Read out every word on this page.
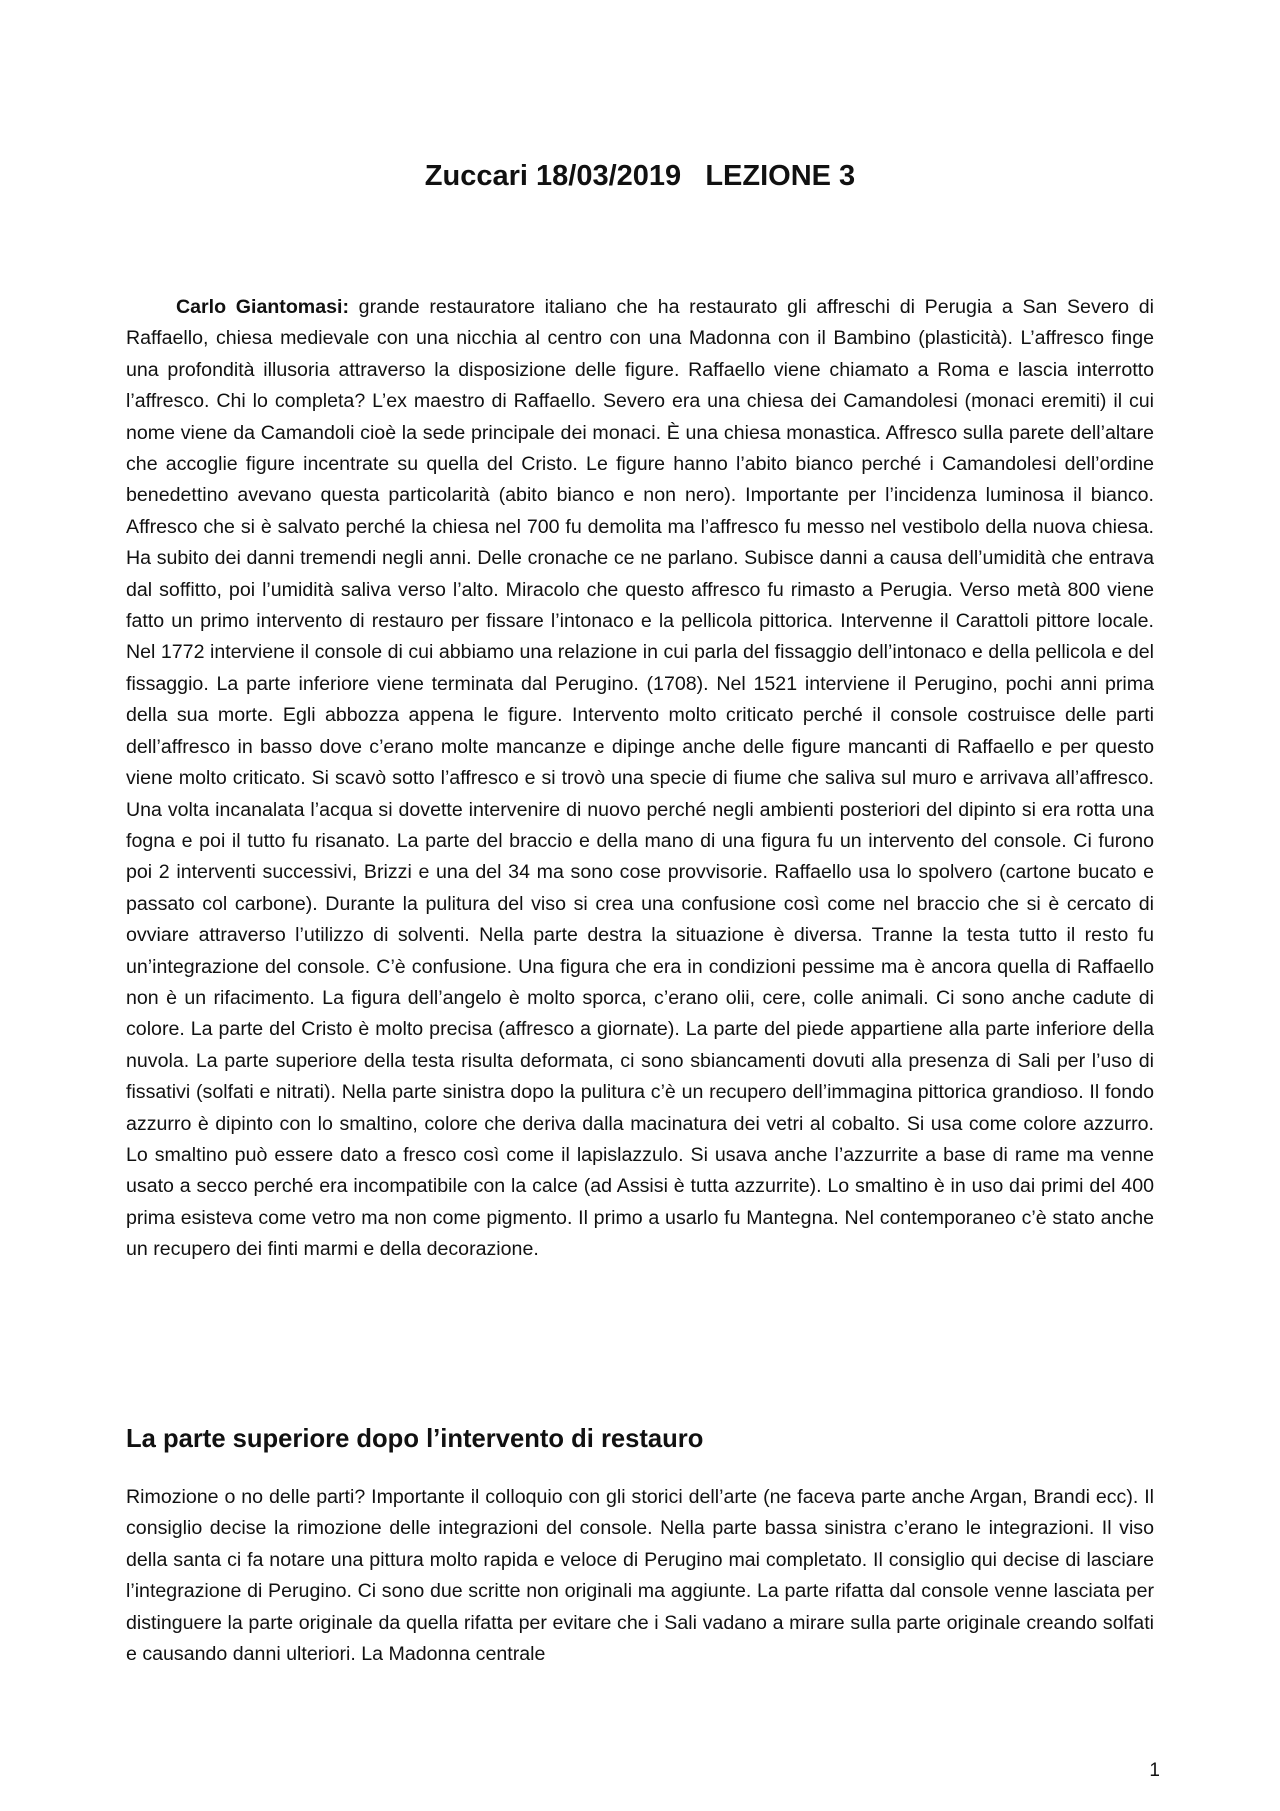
Zuccari 18/03/2019   LEZIONE 3

Carlo Giantomasi: grande restauratore italiano che ha restaurato gli affreschi di Perugia a San Severo di Raffaello, chiesa medievale con una nicchia al centro con una Madonna con il Bambino (plasticità). L’affresco finge una profondità illusoria attraverso la disposizione delle figure. Raffaello viene chiamato a Roma e lascia interrotto l’affresco. Chi lo completa? L’ex maestro di Raffaello. Severo era una chiesa dei Camandolesi (monaci eremiti) il cui nome viene da Camandoli cioè la sede principale dei monaci. È una chiesa monastica. Affresco sulla parete dell’altare che accoglie figure incentrate su quella del Cristo. Le figure hanno l’abito bianco perché i Camandolesi dell’ordine benedettino avevano questa particolarità (abito bianco e non nero). Importante per l’incidenza luminosa il bianco. Affresco che si è salvato perché la chiesa nel 700 fu demolita ma l’affresco fu messo nel vestibolo della nuova chiesa. Ha subito dei danni tremendi negli anni. Delle cronache ce ne parlano. Subisce danni a causa dell’umidità che entrava dal soffitto, poi l’umidità saliva verso l’alto. Miracolo che questo affresco fu rimasto a Perugia. Verso metà 800 viene fatto un primo intervento di restauro per fissare l’intonaco e la pellicola pittorica. Intervenne il Carattoli pittore locale. Nel 1772 interviene il console di cui abbiamo una relazione in cui parla del fissaggio dell’intonaco e della pellicola e del fissaggio. La parte inferiore viene terminata dal Perugino. (1708). Nel 1521 interviene il Perugino, pochi anni prima della sua morte. Egli abbozza appena le figure. Intervento molto criticato perché il console costruisce delle parti dell’affresco in basso dove c’erano molte mancanze e dipinge anche delle figure mancanti di Raffaello e per questo viene molto criticato. Si scavò sotto l’affresco e si trovò una specie di fiume che saliva sul muro e arrivava all’affresco. Una volta incanalata l’acqua si dovette intervenire di nuovo perché negli ambienti posteriori del dipinto si era rotta una fogna e poi il tutto fu risanato. La parte del braccio e della mano di una figura fu un intervento del console. Ci furono poi 2 interventi successivi, Brizzi e una del 34 ma sono cose provvisorie. Raffaello usa lo spolvero (cartone bucato e passato col carbone). Durante la pulitura del viso si crea una confusione così come nel braccio che si è cercato di ovviare attraverso l’utilizzo di solventi. Nella parte destra la situazione è diversa. Tranne la testa tutto il resto fu un’integrazione del console. C’è confusione. Una figura che era in condizioni pessime ma è ancora quella di Raffaello non è un rifacimento. La figura dell’angelo è molto sporca, c’erano olii, cere, colle animali. Ci sono anche cadute di colore. La parte del Cristo è molto precisa (affresco a giornate). La parte del piede appartiene alla parte inferiore della nuvola. La parte superiore della testa risulta deformata, ci sono sbiancamenti dovuti alla presenza di Sali per l’uso di fissativi (solfati e nitrati). Nella parte sinistra dopo la pulitura c’è un recupero dell’immagina pittorica grandioso. Il fondo azzurro è dipinto con lo smaltino, colore che deriva dalla macinatura dei vetri al cobalto. Si usa come colore azzurro. Lo smaltino può essere dato a fresco così come il lapislazzulo. Si usava anche l’azzurrite a base di rame ma venne usato a secco perché era incompatibile con la calce (ad Assisi è tutta azzurrite). Lo smaltino è in uso dai primi del 400 prima esisteva come vetro ma non come pigmento. Il primo a usarlo fu Mantegna. Nel contemporaneo c’è stato anche un recupero dei finti marmi e della decorazione.

La parte superiore dopo l’intervento di restauro

Rimozione o no delle parti? Importante il colloquio con gli storici dell’arte (ne faceva parte anche Argan, Brandi ecc). Il consiglio decise la rimozione delle integrazioni del console. Nella parte bassa sinistra c’erano le integrazioni. Il viso della santa ci fa notare una pittura molto rapida e veloce di Perugino mai completato. Il consiglio qui decise di lasciare l’integrazione di Perugino. Ci sono due scritte non originali ma aggiunte. La parte rifatta dal console venne lasciata per distinguere la parte originale da quella rifatta per evitare che i Sali vadano a mirare sulla parte originale creando solfati e causando danni ulteriori. La Madonna centrale

1
